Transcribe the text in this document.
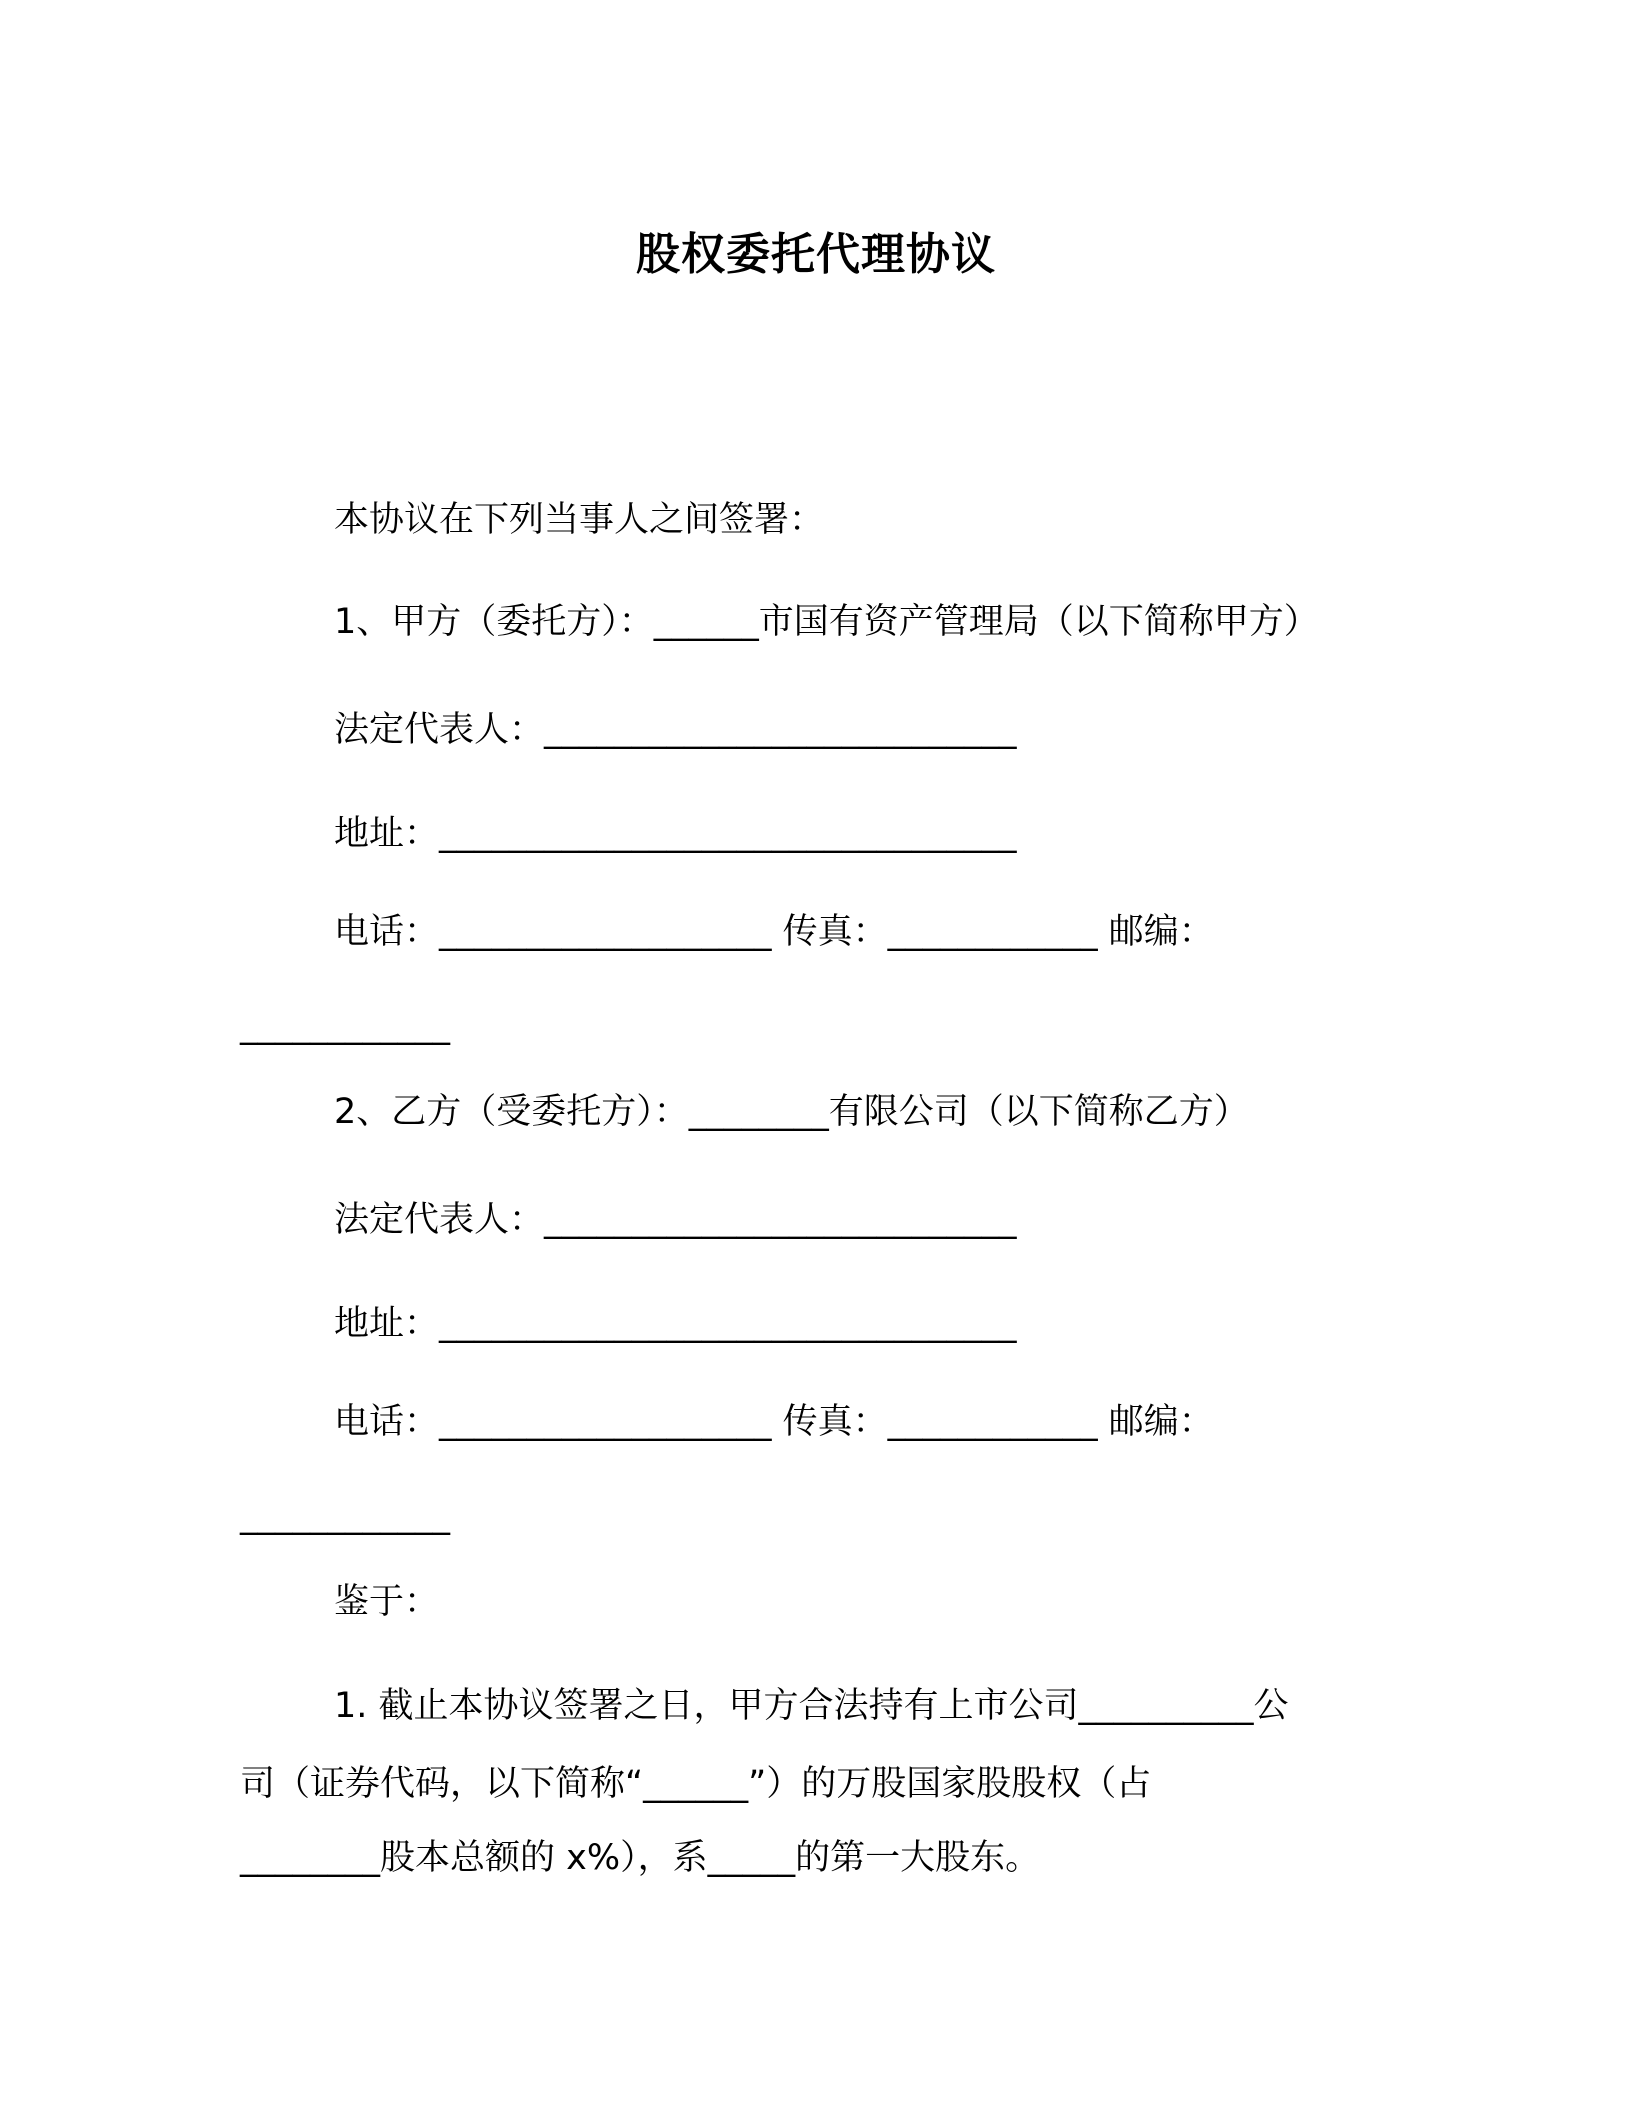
股权委托代理协议
本协议在下列当事人之间签署：
1、甲方（委托方）：______市国有资产管理局（以下简称甲方）
法定代表人：___________________________
地址：_________________________________
电话：___________________ 传真：____________ 邮编：
____________
2、乙方（受委托方）：________有限公司（以下简称乙方）
法定代表人：___________________________
地址：_________________________________
电话：___________________ 传真：____________ 邮编：
____________
鉴于：
1. 截止本协议签署之日，甲方合法持有上市公司__________公
司（证券代码，以下简称“______”）的万股国家股股权（占
________股本总额的 x%），系_____的第一大股东。
